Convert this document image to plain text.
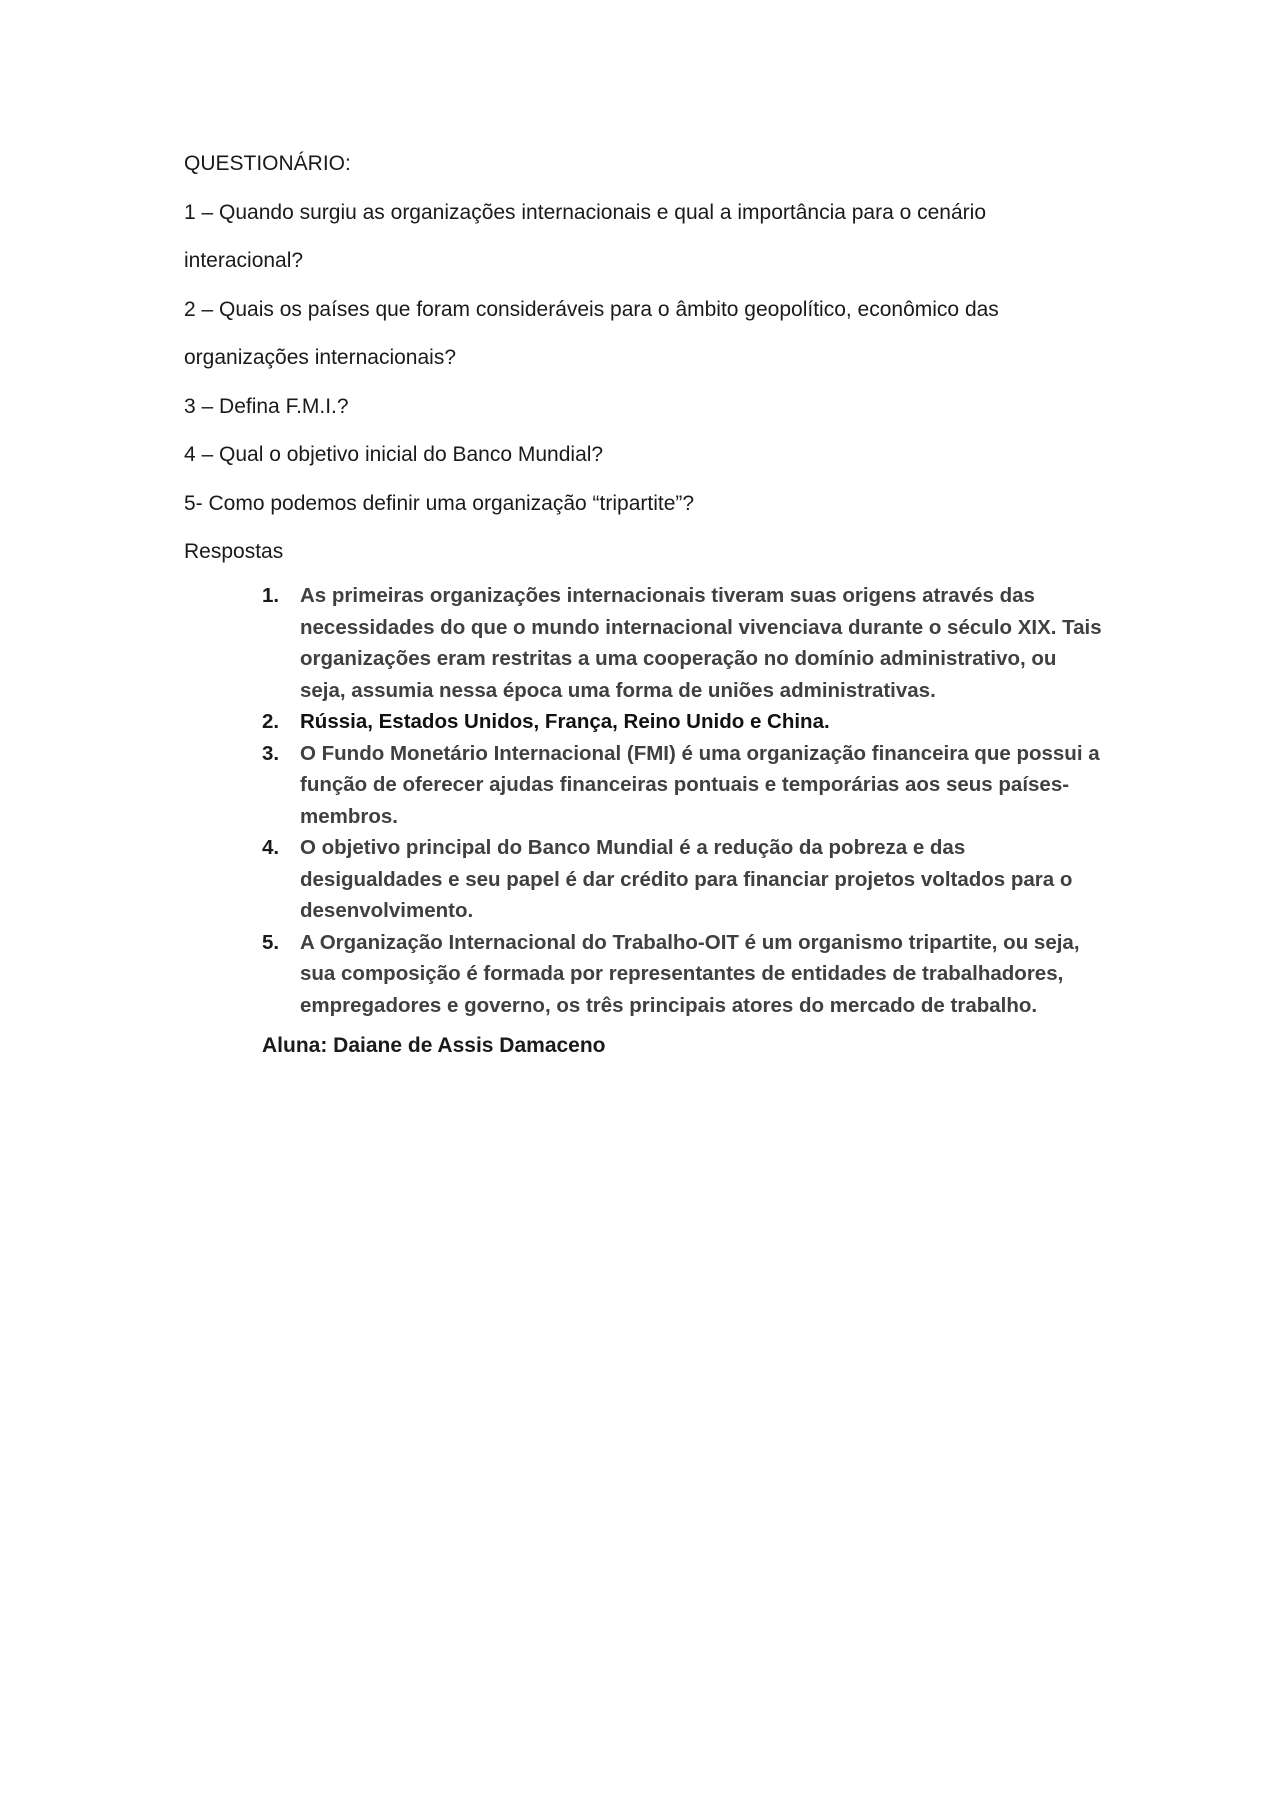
QUESTIONÁRIO:

1 – Quando surgiu as organizações internacionais e qual a importância para o cenário

interacional?

2 – Quais os países que foram consideráveis para o âmbito geopolítico, econômico das

organizações internacionais?

3 – Defina F.M.I.?

4 – Qual o objetivo inicial do Banco Mundial?

5- Como podemos definir uma organização “tripartite”?

Respostas

1. As primeiras organizações internacionais tiveram suas origens através das necessidades do que o mundo internacional vivenciava durante o século XIX. Tais organizações eram restritas a uma cooperação no domínio administrativo, ou seja, assumia nessa época uma forma de uniões administrativas.
2. Rússia, Estados Unidos, França, Reino Unido e China.
3. O Fundo Monetário Internacional (FMI) é uma organização financeira que possui a função de oferecer ajudas financeiras pontuais e temporárias aos seus países-membros.
4. O objetivo principal do Banco Mundial é a redução da pobreza e das desigualdades e seu papel é dar crédito para financiar projetos voltados para o desenvolvimento.
5. A Organização Internacional do Trabalho-OIT é um organismo tripartite, ou seja, sua composição é formada por representantes de entidades de trabalhadores, empregadores e governo, os três principais atores do mercado de trabalho.

Aluna: Daiane de Assis Damaceno
